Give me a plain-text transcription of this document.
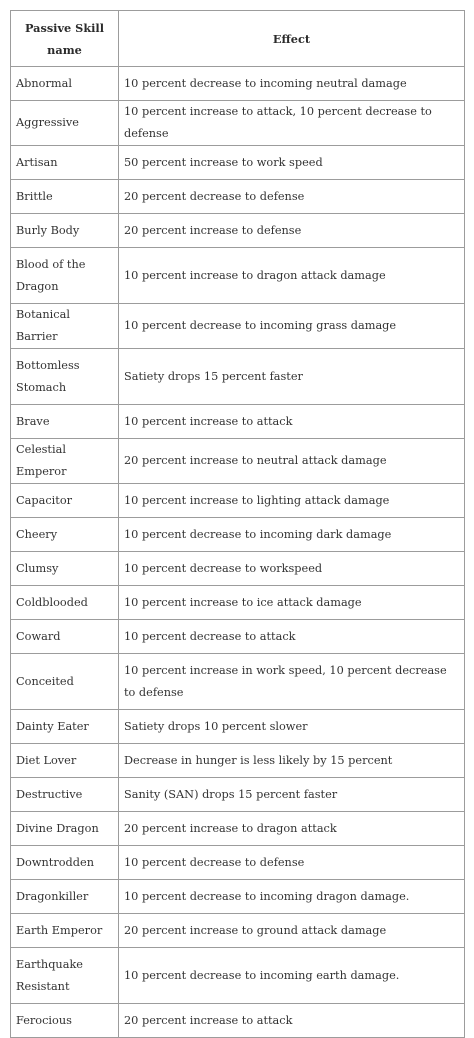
Passive Skill name	Effect
Abnormal	10 percent decrease to incoming neutral damage
Aggressive	10 percent increase to attack, 10 percent decrease to defense
Artisan	50 percent increase to work speed
Brittle	20 percent decrease to defense
Burly Body	20 percent increase to defense
Blood of the Dragon	10 percent increase to dragon attack damage
Botanical Barrier	10 percent decrease to incoming grass damage
Bottomless Stomach	Satiety drops 15 percent faster
Brave	10 percent increase to attack
Celestial Emperor	20 percent increase to neutral attack damage
Capacitor	10 percent increase to lighting attack damage
Cheery	10 percent decrease to incoming dark damage
Clumsy	10 percent decrease to workspeed
Coldblooded	10 percent increase to ice attack damage
Coward	10 percent decrease to attack
Conceited	10 percent increase in work speed, 10 percent decrease to defense
Dainty Eater	Satiety drops 10 percent slower
Diet Lover	Decrease in hunger is less likely by 15 percent
Destructive	Sanity (SAN) drops 15 percent faster
Divine Dragon	20 percent increase to dragon attack
Downtrodden	10 percent decrease to defense
Dragonkiller	10 percent decrease to incoming dragon damage.
Earth Emperor	20 percent increase to ground attack damage
Earthquake Resistant	10 percent decrease to incoming earth damage.
Ferocious	20 percent increase to attack
